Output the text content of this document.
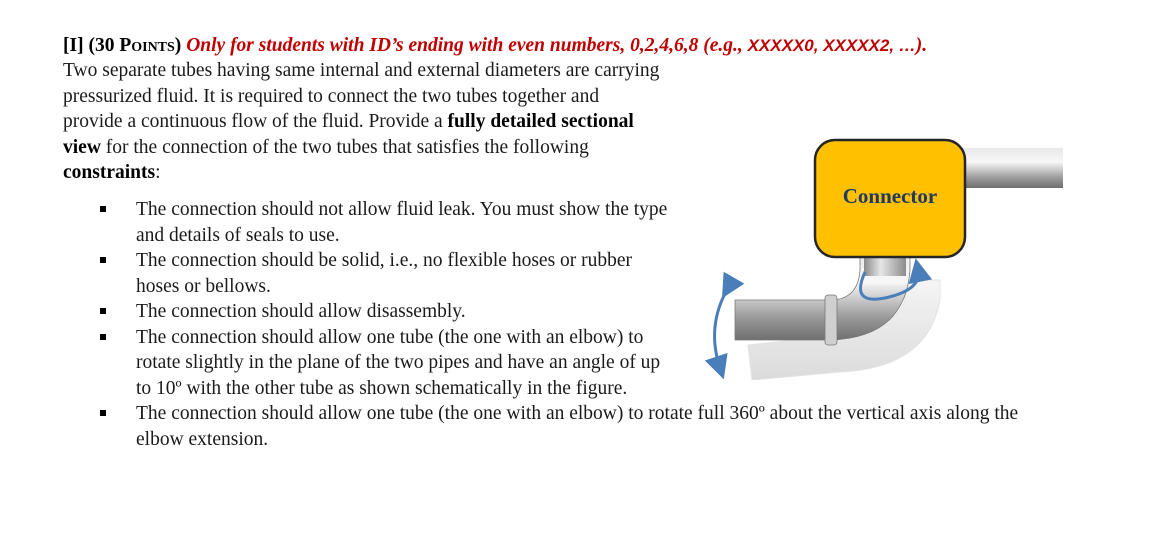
[I] (30 Points) Only for students with ID’s ending with even numbers, 0,2,4,6,8 (e.g., XXXXX0, XXXXX2, …).
Two separate tubes having same internal and external diameters are carrying pressurized fluid. It is required to connect the two tubes together and provide a continuous flow of the fluid. Provide a fully detailed sectional view for the connection of the two tubes that satisfies the following constraints:
The connection should not allow fluid leak. You must show the type and details of seals to use.
The connection should be solid, i.e., no flexible hoses or rubber hoses or bellows.
The connection should allow disassembly.
The connection should allow one tube (the one with an elbow) to rotate slightly in the plane of the two pipes and have an angle of up to 10º with the other tube as shown schematically in the figure.
The connection should allow one tube (the one with an elbow) to rotate full 360º about the vertical axis along the elbow extension.
Connector
